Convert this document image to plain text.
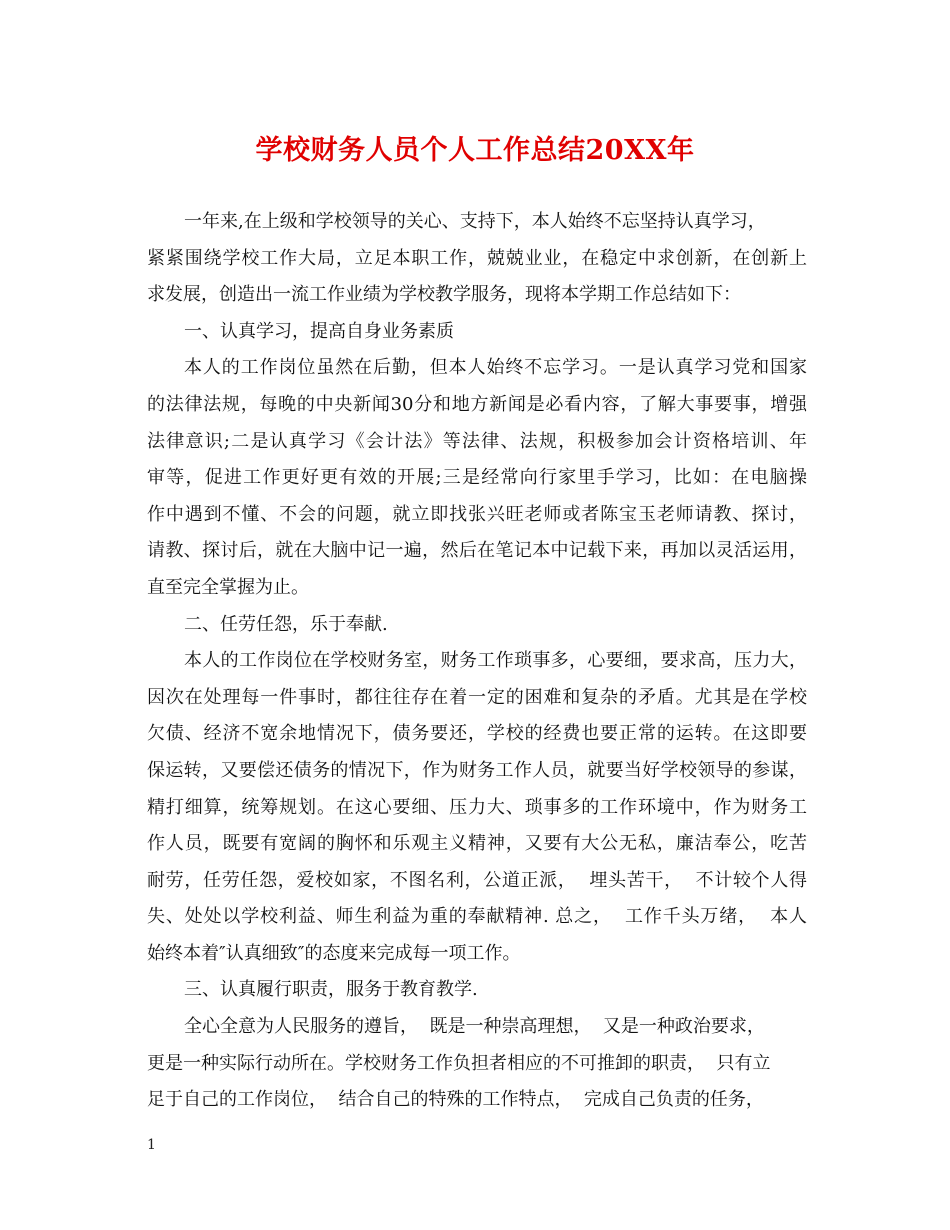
学校财务人员个人工作总结20XX年
一年来,在上级和学校领导的关心、支持下，本人始终不忘坚持认真学习，
紧紧围绕学校工作大局，立足本职工作，兢兢业业，在稳定中求创新，在创新上
求发展，创造出一流工作业绩为学校教学服务，现将本学期工作总结如下：
一、认真学习，提高自身业务素质
本人的工作岗位虽然在后勤，但本人始终不忘学习。一是认真学习党和国家
的法律法规，每晚的中央新闻30分和地方新闻是必看内容，了解大事要事，增强
法律意识;二是认真学习《会计法》等法律、法规，积极参加会计资格培训、年
审等，促进工作更好更有效的开展;三是经常向行家里手学习，比如：在电脑操
作中遇到不懂、不会的问题，就立即找张兴旺老师或者陈宝玉老师请教、探讨，
请教、探讨后，就在大脑中记一遍，然后在笔记本中记载下来，再加以灵活运用，
直至完全掌握为止。
二、任劳任怨，乐于奉献.
本人的工作岗位在学校财务室，财务工作琐事多，心要细，要求高，压力大，
因次在处理每一件事时，都往往存在着一定的困难和复杂的矛盾。尤其是在学校
欠债、经济不宽余地情况下，债务要还，学校的经费也要正常的运转。在这即要
保运转，又要偿还债务的情况下，作为财务工作人员，就要当好学校领导的参谋，
精打细算，统筹规划。在这心要细、压力大、琐事多的工作环境中，作为财务工
作人员，既要有宽阔的胸怀和乐观主义精神，又要有大公无私，廉洁奉公，吃苦
耐劳，任劳任怨，爱校如家，不图名利，公道正派，  埋头苦干，  不计较个人得
失、处处以学校利益、师生利益为重的奉献精神. 总之，  工作千头万绪，  本人
始终本着″认真细致″的态度来完成每一项工作。
三、认真履行职责，服务于教育教学.
全心全意为人民服务的遵旨，  既是一种崇高理想，  又是一种政治要求，
更是一种实际行动所在。学校财务工作负担者相应的不可推卸的职责，  只有立
足于自己的工作岗位，  结合自己的特殊的工作特点，  完成自己负责的任务，
1
